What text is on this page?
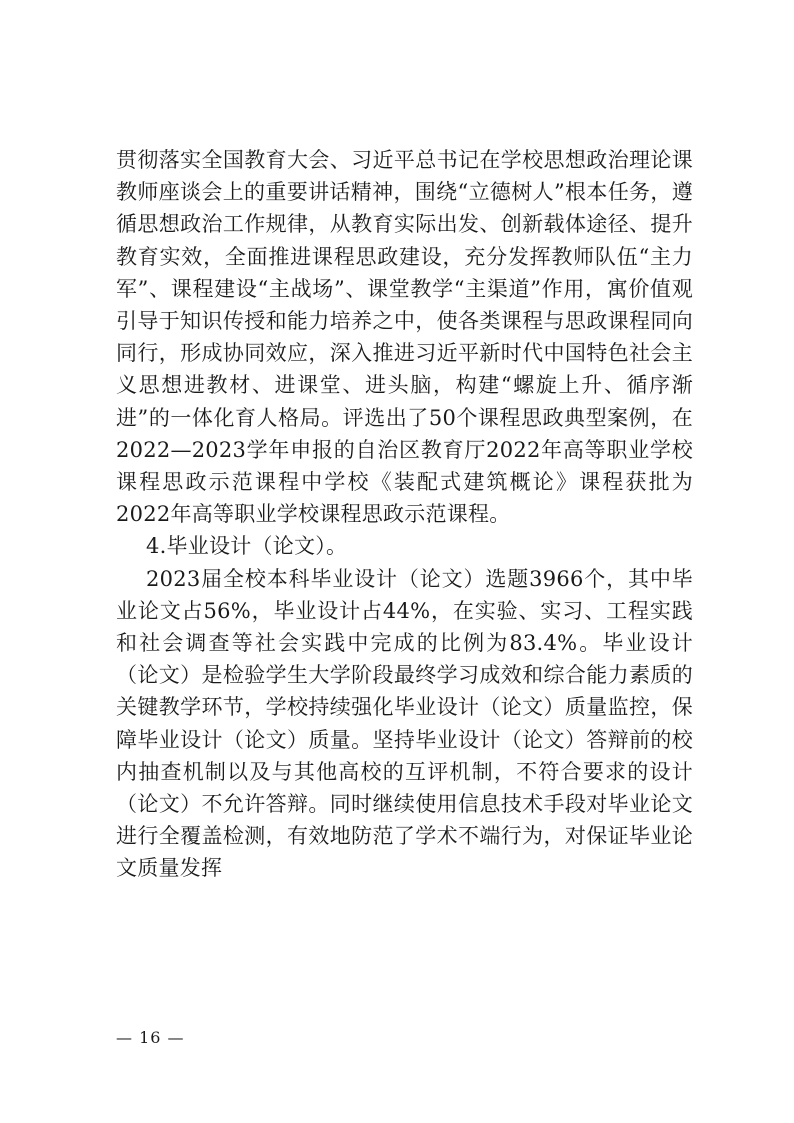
贯彻落实全国教育大会、习近平总书记在学校思想政治理论课教师座谈会上的重要讲话精神，围绕“立德树人”根本任务，遵循思想政治工作规律，从教育实际出发、创新载体途径、提升教育实效，全面推进课程思政建设，充分发挥教师队伍“主力军”、课程建设“主战场”、课堂教学“主渠道”作用，寓价值观引导于知识传授和能力培养之中，使各类课程与思政课程同向同行，形成协同效应，深入推进习近平新时代中国特色社会主义思想进教材、进课堂、进头脑，构建“螺旋上升、循序渐进”的一体化育人格局。评选出了50个课程思政典型案例，在2022—2023学年申报的自治区教育厅2022年高等职业学校课程思政示范课程中学校《装配式建筑概论》课程获批为2022年高等职业学校课程思政示范课程。

4.毕业设计（论文）。

2023届全校本科毕业设计（论文）选题3966个，其中毕业论文占56%，毕业设计占44%，在实验、实习、工程实践和社会调查等社会实践中完成的比例为83.4%。毕业设计（论文）是检验学生大学阶段最终学习成效和综合能力素质的关键教学环节，学校持续强化毕业设计（论文）质量监控，保障毕业设计（论文）质量。坚持毕业设计（论文）答辩前的校内抽查机制以及与其他高校的互评机制，不符合要求的设计（论文）不允许答辩。同时继续使用信息技术手段对毕业论文进行全覆盖检测，有效地防范了学术不端行为，对保证毕业论文质量发挥

— 16 —
